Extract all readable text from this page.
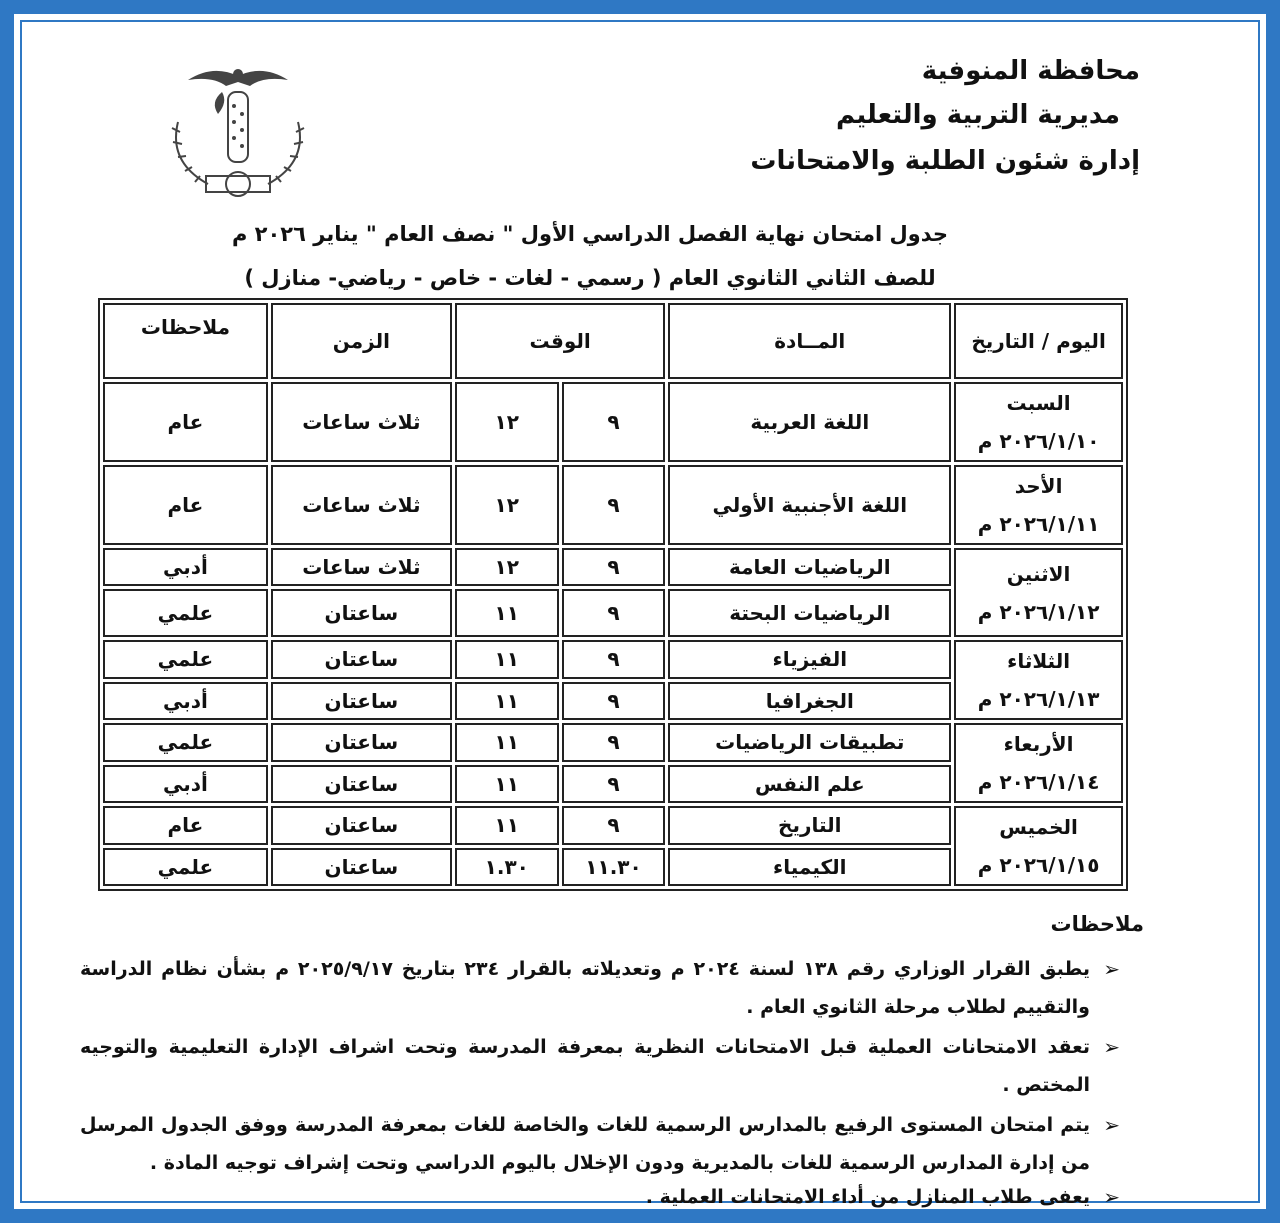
محافظة المنوفية
مديرية التربية والتعليم
إدارة شئون الطلبة والامتحانات
جدول امتحان نهاية الفصل الدراسي الأول " نصف العام " يناير ٢٠٢٦ م
للصف الثاني الثانوي العام ( رسمي - لغات - خاص - رياضي- منازل )
اليوم / التاريخ	المــادة	الوقت		الزمن	ملاحظات

السبت
٢٠٢٦/١/١٠ م	اللغة العربية	٩	١٢	ثلاث ساعات	عام

الأحد
٢٠٢٦/١/١١ م	اللغة الأجنبية الأولي	٩	١٢	ثلاث ساعات	عام

الاثنين
٢٠٢٦/١/١٢ م	الرياضيات العامة	٩	١٢	ثلاث ساعات	أدبي
	الرياضيات البحتة	٩	١١	ساعتان	علمي

الثلاثاء
٢٠٢٦/١/١٣ م	الفيزياء	٩	١١	ساعتان	علمي
	الجغرافيا	٩	١١	ساعتان	أدبي

الأربعاء
٢٠٢٦/١/١٤ م	تطبيقات الرياضيات	٩	١١	ساعتان	علمي
	علم النفس	٩	١١	ساعتان	أدبي

الخميس
٢٠٢٦/١/١٥ م	التاريخ	٩	١١	ساعتان	عام
	الكيمياء	١١.٣٠	١.٣٠	ساعتان	علمي
ملاحظات
➢
يطبق القرار الوزاري رقم ١٣٨ لسنة ٢٠٢٤ م وتعديلاته بالقرار ٢٣٤ بتاريخ ٢٠٢٥/٩/١٧ م بشأن نظام الدراسة والتقييم لطلاب مرحلة الثانوي العام .
➢
تعقد الامتحانات العملية قبل الامتحانات النظرية بمعرفة المدرسة وتحت اشراف الإدارة التعليمية والتوجيه المختص .
➢
يتم امتحان المستوى الرفيع بالمدارس الرسمية للغات والخاصة للغات بمعرفة المدرسة ووفق الجدول المرسل من إدارة المدارس الرسمية للغات بالمديرية ودون الإخلال باليوم الدراسي وتحت إشراف توجيه المادة .
➢
يعفى طلاب المنازل من أداء الامتحانات العملية .
